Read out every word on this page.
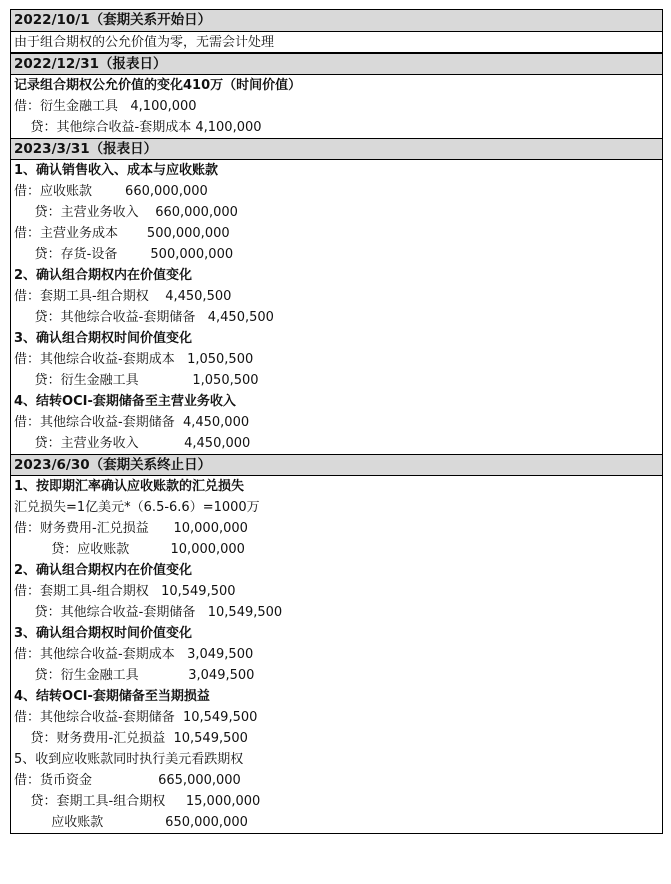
2022/10/1（套期关系开始日）
由于组合期权的公允价值为零，无需会计处理
2022/12/31（报表日）
记录组合期权公允价值的变化410万（时间价值）
借：衍生金融工具   4,100,000
贷：其他综合收益-套期成本 4,100,000
2023/3/31（报表日）
1、确认销售收入、成本与应收账款
借：应收账款        660,000,000
贷：主营业务收入    660,000,000
借：主营业务成本       500,000,000
贷：存货-设备        500,000,000
2、确认组合期权内在价值变化
借：套期工具-组合期权    4,450,500
贷：其他综合收益-套期储备   4,450,500
3、确认组合期权时间价值变化
借：其他综合收益-套期成本   1,050,500
贷：衍生金融工具             1,050,500
4、结转OCI-套期储备至主营业务收入
借：其他综合收益-套期储备  4,450,000
贷：主营业务收入           4,450,000
2023/6/30（套期关系终止日）
1、按即期汇率确认应收账款的汇兑损失
汇兑损失=1亿美元*（6.5-6.6）=1000万
借：财务费用-汇兑损益      10,000,000
贷：应收账款          10,000,000
2、确认组合期权内在价值变化
借：套期工具-组合期权   10,549,500
贷：其他综合收益-套期储备   10,549,500
3、确认组合期权时间价值变化
借：其他综合收益-套期成本   3,049,500
贷：衍生金融工具            3,049,500
4、结转OCI-套期储备至当期损益
借：其他综合收益-套期储备  10,549,500
贷：财务费用-汇兑损益  10,549,500
5、收到应收账款同时执行美元看跌期权
借：货币资金                665,000,000
贷：套期工具-组合期权     15,000,000
应收账款               650,000,000
